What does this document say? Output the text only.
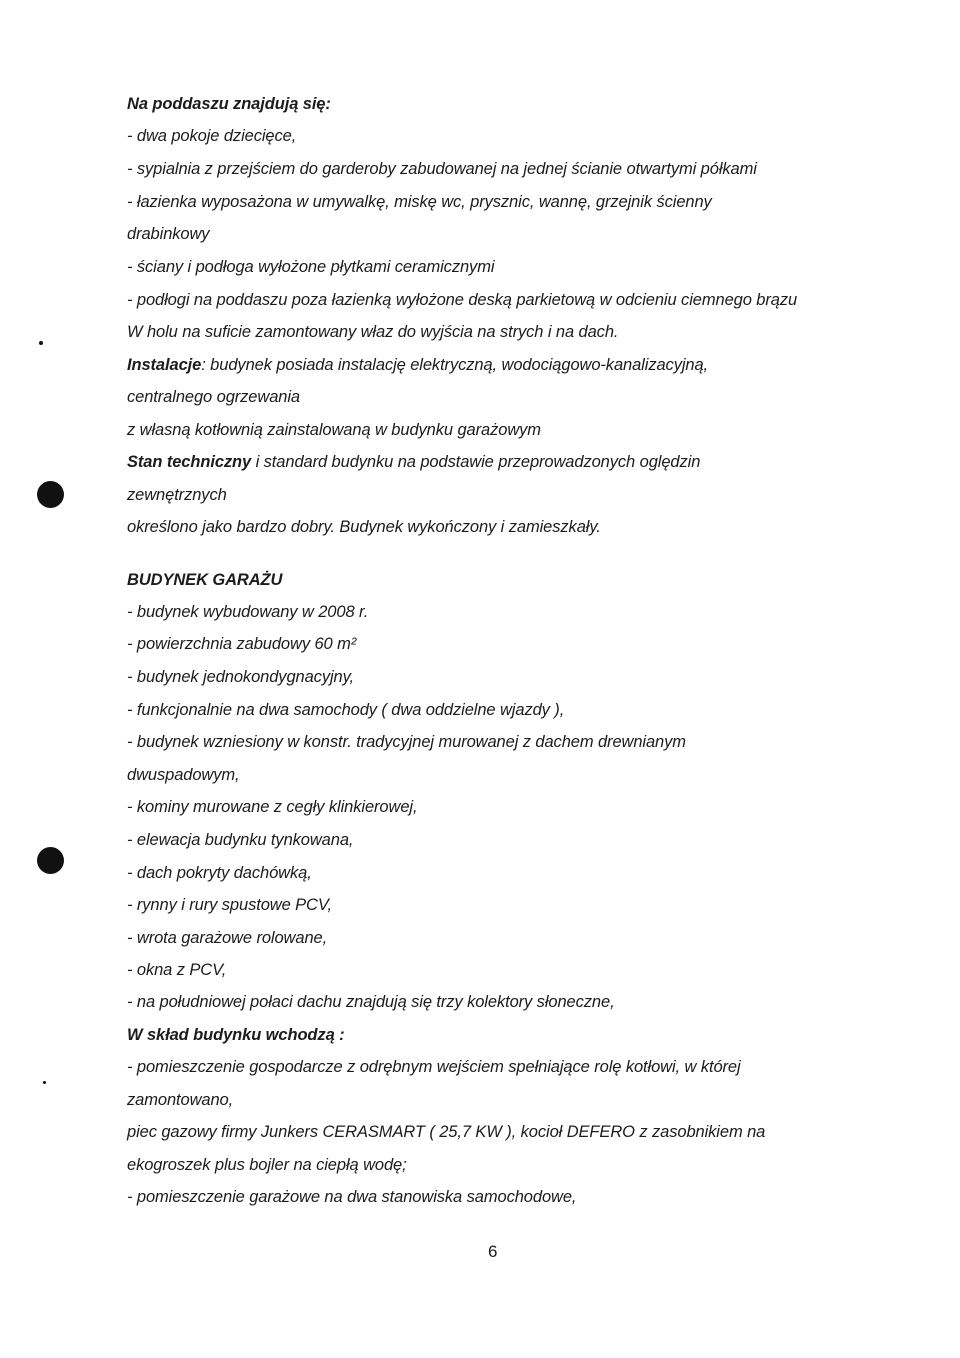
Na poddaszu znajdują się:
- dwa pokoje dziecięce,
- sypialnia z przejściem do garderoby zabudowanej na jednej ścianie otwartymi półkami
- łazienka wyposażona w umywalkę, miskę wc, prysznic, wannę, grzejnik ścienny
drabinkowy
- ściany i podłoga wyłożone płytkami ceramicznymi
- podłogi na poddaszu poza łazienką wyłożone deską parkietową w odcieniu ciemnego brązu
W holu na suficie zamontowany właz do wyjścia na strych i na dach.
Instalacje: budynek posiada instalację elektryczną, wodociągowo-kanalizacyjną,
centralnego ogrzewania
z własną kotłownią zainstalowaną w budynku garażowym
Stan techniczny i standard budynku na podstawie przeprowadzonych oględzin
zewnętrznych
określono jako bardzo dobry. Budynek wykończony i zamieszkały.
BUDYNEK GARAŻU
- budynek wybudowany w 2008 r.
- powierzchnia zabudowy 60 m²
- budynek jednokondygnacyjny,
- funkcjonalnie na dwa samochody ( dwa oddzielne wjazdy ),
- budynek wzniesiony w konstr. tradycyjnej murowanej z dachem drewnianym
dwuspadowym,
- kominy murowane z cegły klinkierowej,
- elewacja budynku tynkowana,
- dach pokryty dachówką,
- rynny i rury spustowe PCV,
- wrota garażowe rolowane,
- okna z PCV,
- na południowej połaci dachu znajdują się trzy kolektory słoneczne,
W skład budynku wchodzą :
- pomieszczenie gospodarcze z odrębnym wejściem spełniające rolę kotłowi, w której
zamontowano,
piec gazowy firmy Junkers CERASMART ( 25,7 KW ), kocioł DEFERO z zasobnikiem na
ekogroszek plus bojler na ciepłą wodę;
- pomieszczenie garażowe na dwa stanowiska samochodowe,
6
